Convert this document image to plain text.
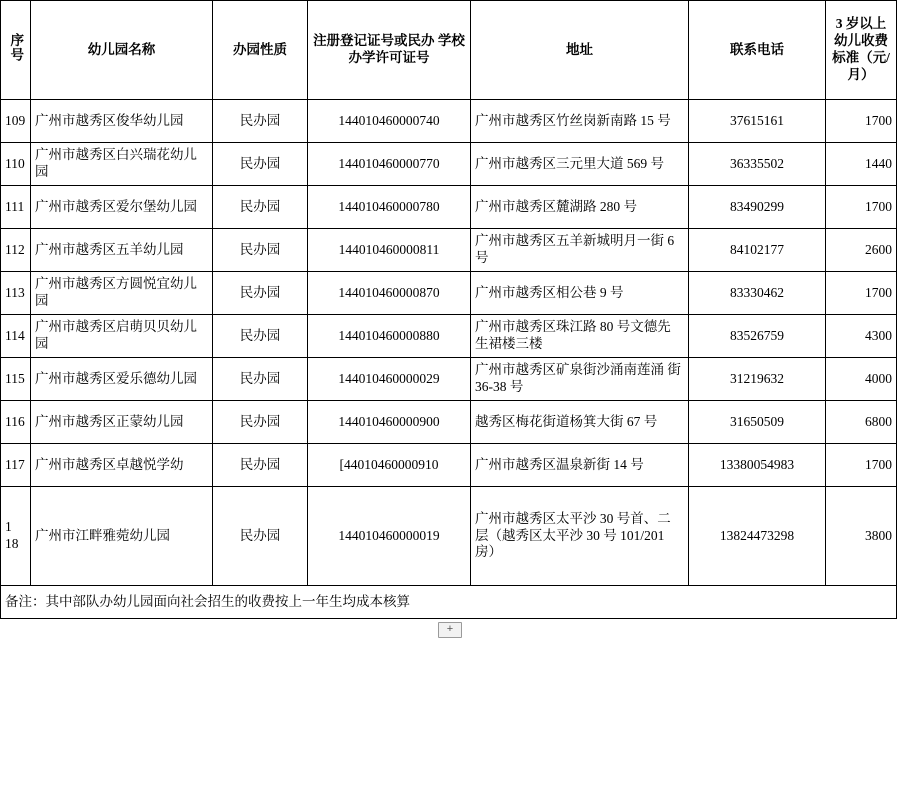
序号	幼儿园名称	办园性质	注册登记证号或民办 学校办学许可证号	地址	联系电话	3 岁以上幼儿收费标准（元/月）
109	广州市越秀区俊华幼儿园	民办园	144010460000740	广州市越秀区竹丝岗新南路 15 号	37615161	1700
110	广州市越秀区白兴瑞花幼儿园	民办园	144010460000770	广州市越秀区三元里大道 569 号	36335502	1440
111	广州市越秀区爱尔堡幼儿园	民办园	144010460000780	广州市越秀区麓湖路 280 号	83490299	1700
112	广州市越秀区五羊幼儿园	民办园	144010460000811	广州市越秀区五羊新城明月一街 6 号	84102177	2600
113	广州市越秀区方圆悦宜幼儿园	民办园	144010460000870	广州市越秀区相公巷 9 号	83330462	1700
114	广州市越秀区启萌贝贝幼儿园	民办园	144010460000880	广州市越秀区珠江路 80 号文德先 生裙楼三楼	83526759	4300
115	广州市越秀区爱乐德幼儿园	民办园	144010460000029	广州市越秀区矿泉街沙涌南莲涌 街 36-38 号	31219632	4000
116	广州市越秀区正蒙幼儿园	民办园	144010460000900	越秀区梅花街道杨箕大街 67 号	31650509	6800
117	广州市越秀区卓越悦学幼	民办园	[44010460000910	广州市越秀区温泉新街 14 号	13380054983	1700
1 18	广州市江畔雅菀幼儿园	民办园	144010460000019	广州市越秀区太平沙 30 号首、二层（越秀区太平沙 30 号 101/201 房）	13824473298	3800
备注：其中部队办幼儿园面向社会招生的收费按上一年生均成本核算						
+
